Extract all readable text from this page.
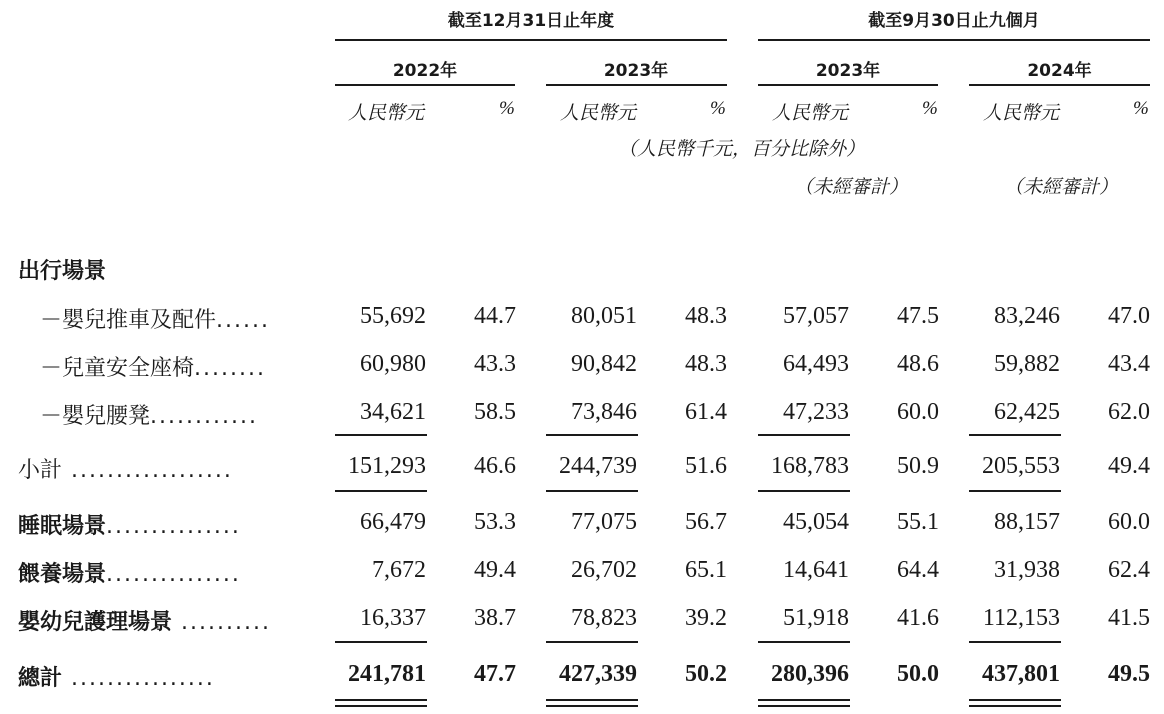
截至12月31日止年度	截至9月30日止九個月
2022年	2023年	2023年	2024年
人民幣元	% 人民幣元	% 人民幣元	% 人民幣元	%
（人民幣千元，百分比除外）
（未經審計）	（未經審計）
出行場景
－嬰兒推車及配件......	55,692 44.7 80,051 48.3 57,057 47.5 83,246 47.0
－兒童安全座椅........	60,980 43.3 90,842 48.3 64,493 48.6 59,882 43.4
－嬰兒腰凳............	34,621 58.5 73,846 61.4 47,233 60.0 62,425 62.0
小計 ..................	151,293 46.6 244,739 51.6 168,783 50.9 205,553 49.4
睡眠場景...............	66,479 53.3 77,075 56.7 45,054 55.1 88,157 60.0
餵養場景...............	7,672 49.4 26,702 65.1 14,641 64.4 31,938 62.4
嬰幼兒護理場景 ..........	16,337 38.7 78,823 39.2 51,918 41.6 112,153 41.5
總計 ................	241,781 47.7 427,339 50.2 280,396 50.0 437,801 49.5
